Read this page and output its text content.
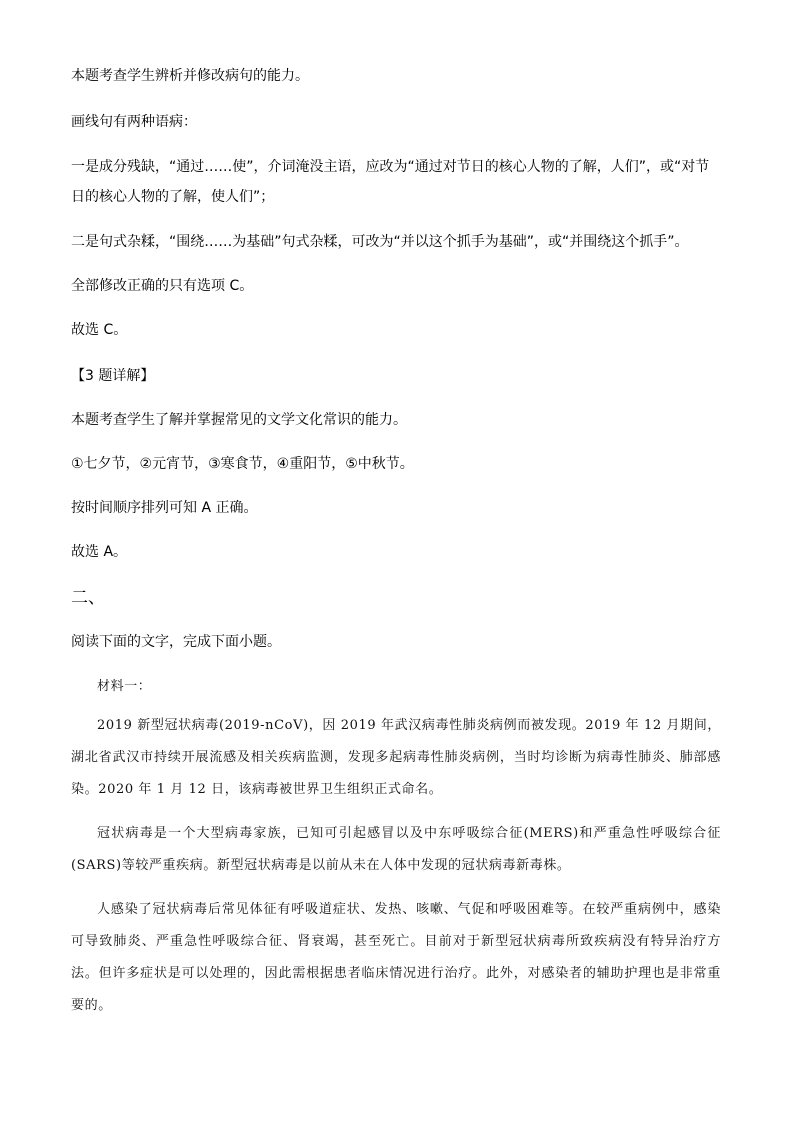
本题考查学生辨析并修改病句的能力。
画线句有两种语病：
一是成分残缺，“通过……使”，介词淹没主语，应改为“通过对节日的核心人物的了解，人们”，或“对节日的核心人物的了解，使人们”；
二是句式杂糅，“围绕……为基础”句式杂糅，可改为“并以这个抓手为基础”，或“并围绕这个抓手”。
全部修改正确的只有选项 C。
故选 C。
【3 题详解】
本题考查学生了解并掌握常见的文学文化常识的能力。
①七夕节，②元宵节，③寒食节，④重阳节，⑤中秋节。
按时间顺序排列可知 A 正确。
故选 A。
二、
阅读下面的文字，完成下面小题。

材料一：

2019 新型冠状病毒(2019-nCoV)，因 2019 年武汉病毒性肺炎病例而被发现。2019 年 12 月期间，湖北省武汉市持续开展流感及相关疾病监测，发现多起病毒性肺炎病例，当时均诊断为病毒性肺炎、肺部感染。2020 年 1 月 12 日，该病毒被世界卫生组织正式命名。

冠状病毒是一个大型病毒家族，已知可引起感冒以及中东呼吸综合征(MERS)和严重急性呼吸综合征(SARS)等较严重疾病。新型冠状病毒是以前从未在人体中发现的冠状病毒新毒株。

人感染了冠状病毒后常见体征有呼吸道症状、发热、咳嗽、气促和呼吸困难等。在较严重病例中，感染可导致肺炎、严重急性呼吸综合征、肾衰竭，甚至死亡。目前对于新型冠状病毒所致疾病没有特异治疗方法。但许多症状是可以处理的，因此需根据患者临床情况进行治疗。此外，对感染者的辅助护理也是非常重要的。
